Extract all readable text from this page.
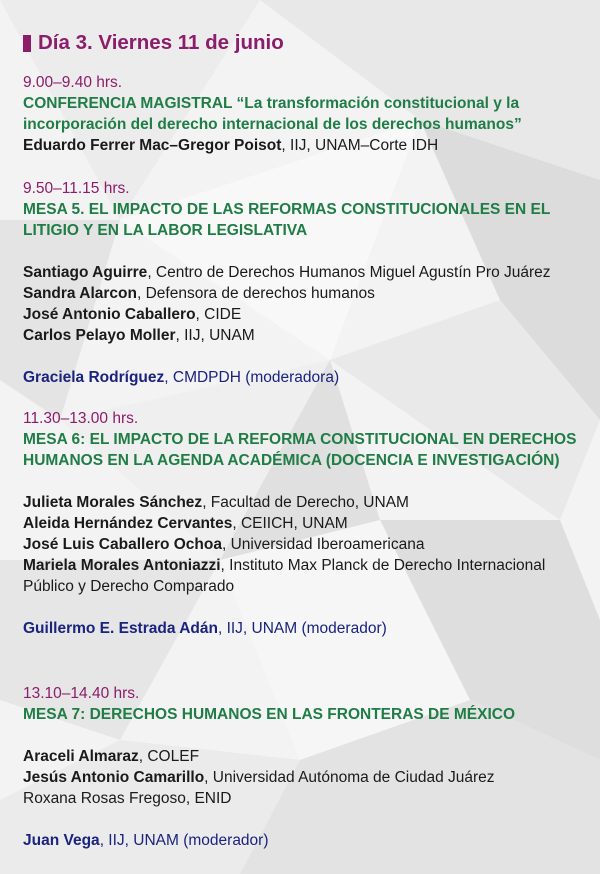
Día 3. Viernes 11 de junio
9.00–9.40 hrs.
CONFERENCIA MAGISTRAL “La transformación constitucional y la incorporación del derecho internacional de los derechos humanos”
Eduardo Ferrer Mac–Gregor Poisot, IIJ, UNAM–Corte IDH
9.50–11.15 hrs.
MESA 5. EL IMPACTO DE LAS REFORMAS CONSTITUCIONALES EN EL LITIGIO Y EN LA LABOR LEGISLATIVA
Santiago Aguirre, Centro de Derechos Humanos Miguel Agustín Pro Juárez
Sandra Alarcon, Defensora de derechos humanos
José Antonio Caballero, CIDE
Carlos Pelayo Moller, IIJ, UNAM
Graciela Rodríguez, CMDPDH (moderadora)
11.30–13.00 hrs.
MESA 6: EL IMPACTO DE LA REFORMA CONSTITUCIONAL EN DERECHOS HUMANOS EN LA AGENDA ACADÉMICA (DOCENCIA E INVESTIGACIÓN)
Julieta Morales Sánchez, Facultad de Derecho, UNAM
Aleida Hernández Cervantes, CEIICH, UNAM
José Luis Caballero Ochoa, Universidad Iberoamericana
Mariela Morales Antoniazzi, Instituto Max Planck de Derecho Internacional Público y Derecho Comparado
Guillermo E. Estrada Adán, IIJ, UNAM (moderador)
13.10–14.40 hrs.
MESA 7: DERECHOS HUMANOS EN LAS FRONTERAS DE MÉXICO
Araceli Almaraz, COLEF
Jesús Antonio Camarillo, Universidad Autónoma de Ciudad Juárez
Roxana Rosas Fregoso, ENID
Juan Vega, IIJ, UNAM (moderador)
